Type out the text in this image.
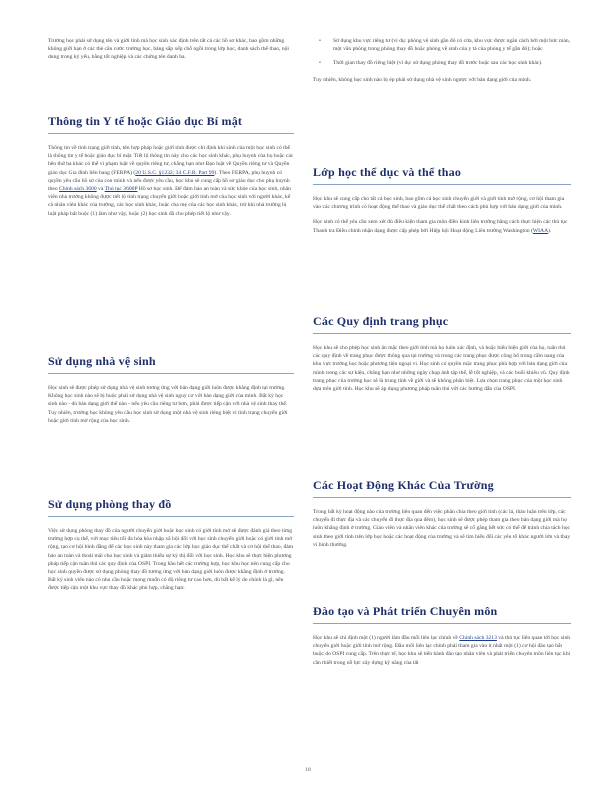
Trường học phải sử dụng tên và giới tính mà học sinh xác định trên tất cả các hồ sơ khác, bao gồm những không giới hạn ở các thẻ căn cước trường học, bảng sắp xếp chỗ ngồi trong lớp học, danh sách thể thao, nội dung trong kỷ yếu, bằng tốt nghiệp và các chứng tên danh ba.

Thông tin Y tế hoặc Giáo dục Bí mật

Thông tin về tình trạng giới tính, tên hợp pháp hoặc giới tính được chỉ định khi sinh của một học sinh có thể là thông tin y tế hoặc giáo dục bí mật. Tiết lộ thông tin này cho các học sinh khác, phụ huynh của họ hoặc các bên thứ ba khác có thể vi phạm luật về quyền riêng tư, chẳng hạn như Đạo luật về Quyền riêng tư và Quyền giáo dục Gia đình liên bang (FERPA) (20 U.S.C. §1232; 34 C.F.R. Part 99). Theo FERPA, phụ huynh có quyền yêu cầu hồ sơ của con mình và nếu được yêu cầu, học khu sẽ cung cấp hồ sơ giáo dục cho phụ huynh theo Chính sách 3600 và Thủ tục 3600P Hồ sơ học sinh. Để đảm bảo an toàn và sức khỏe của học sinh, nhân viên nhà trường không được tiết lộ tình trạng chuyển giới hoặc giới tính mở của học sinh với người khác, kể cả nhân viên khác của trường, các học sinh khác, hoặc cha mẹ của các học sinh khác, trừ khi nhà trường bị luật pháp bắt buộc (1) làm như vậy, hoặc (2) học sinh đã cho phép tiết lộ như vậy.

Sử dụng nhà vệ sinh

Học sinh sẽ được phép sử dụng nhà vệ sinh tương ứng với bản dạng giới luôn được khẳng định tại trường. Không học sinh nào sẽ bị buộc phải sử dụng nhà vệ sinh nguy cơ với bản dạng giới của mình. Bất kỳ học sinh nào - dù bản dạng giới thế nào - nếu yêu cầu riêng tư hơn, phải được tiếp cận với nhà vệ sinh thay thế. Tuy nhiên, trường học không yêu cầu học sinh sử dụng một nhà vệ sinh riêng biệt vì tình trạng chuyển giới hoặc giới tính mở rộng của học sinh.

Sử dụng phòng thay đồ

Việc sử dụng phòng thay đồ của người chuyển giới hoặc học sinh có giới tính mở sẽ được đánh giá theo từng trường hợp cụ thể, với mục tiêu tối đa hóa hòa nhập xã hội đối với học sinh chuyển giới hoặc có giới tính mở rộng, tạo cơ hội bình đẳng để các học sinh này tham gia các lớp học giáo dục thể chất và cơ hội thể thao, đảm bảo an toàn và thoải mái cho học sinh và giảm thiểu sự kỳ thị đối với học sinh. Học khu sẽ thực hiện phương pháp tiếp cận tuân thủ các quy định của OSPI. Trong hầu hết các trường hợp, học khu học nên cung cấp cho học sinh quyền được sử dụng phòng thay đồ tương ứng với bản dạng giới luôn được khẳng định ở trường. Bất kỳ sinh viên nào có nhu cầu hoặc mong muốn có độ riêng tư cao hơn, dù bất kể lý do chính là gì, nên được tiếp cận một khu vực thay đồ khác phù hợp, chẳng hạn:

• Sử dụng khu vực riêng tư (ví dụ: phòng vệ sinh gần đó có cửa, khu vực được ngăn cách bởi một bức màn, một văn phòng trong phòng thay đồ hoặc phòng vệ sinh của y tá của phòng y tế gần đó); hoặc

• Thời gian thay đồ riêng biệt (ví dụ: sử dụng phòng thay đồ trước hoặc sau các học sinh khác).

Tuy nhiên, không học sinh nào bị ép phải sử dụng nhà vệ sinh ngược với bản dạng giới của mình.

Lớp học thể dục và thể thao

Học khu sẽ cung cấp cho tất cả học sinh, bao gồm cả học sinh chuyển giới và giới tính mở rộng, cơ hội tham gia vào các chương trình có hoạt động thể thao và giáo dục thể chất theo cách phù hợp với bản dạng giới của mình.

Học sinh có thể yêu cầu xem xét đủ điều kiện tham gia môn điền kinh liên trường bằng cách thực hiện các thủ tục Thanh tra Điều chỉnh nhận dạng được cấp phép bởi Hiệp hội Hoạt động Liên trường Washington (WIAA).

Các Quy định trang phục

Học khu sẽ cho phép học sinh ăn mặc theo giới tính mà họ luôn xác định, và hoặc biểu hiện giới của họ, tuân thủ các quy định về trang phục được thông qua tại trường và trong các trang phục được công bố trong cẩm nang của khu vực trường học hoặc phương tiện ngoại vi. Học sinh có quyền mặc trang phục phù hợp với bản dạng giới của mình trong các sự kiện, chẳng hạn như những ngày chụp ảnh tập thể, lễ tốt nghiệp, và các buổi khiêu vũ. Quy định trang phục của trường học sẽ là trung tính về giới và sẽ không phân biệt. Lựa chọn trang phục của một học sinh dựa trên giới tính. Học khu sẽ áp dụng phương pháp tuân thủ với các hướng dẫn của OSPI.

Các Hoạt Động Khác Của Trường

Trong bất kỳ hoạt động nào của trường liên quan đến việc phân chia theo giới tính (các lá, thảo luận trên lớp, các chuyến đi thực địa và các chuyến đi thực địa qua đêm), học sinh sẽ được phép tham gia theo bản dạng giới mà họ luôn khẳng định ở trường. Giáo viên và nhân viên khác của trường sẽ cố gắng hết sức có thể để tránh chia tách học sinh theo giới tính trên lớp học hoặc các hoạt động của trường và sẽ tìm hiểu đối các yêu tố khác người lớn và thay vì bình thường.

Đào tạo và Phát triển Chuyên môn

Học khu sẽ chỉ định một (1) người làm đầu mối liên lạc chính về Chính sách 3213 và thủ tục liên quan tới học sinh chuyển giới hoặc giới tính mở rộng. Đầu mối liên lạc chính phải tham gia vào ít nhất một (1) cơ hội đào tạo bắt buộc do OSPI cung cấp. Trên thực tế, học khu sẽ tiến hành đào tạo nhân viên và phát triển chuyên môn liên tục khi cần thiết trong nỗ lực xây dựng kỹ năng của tất

18
